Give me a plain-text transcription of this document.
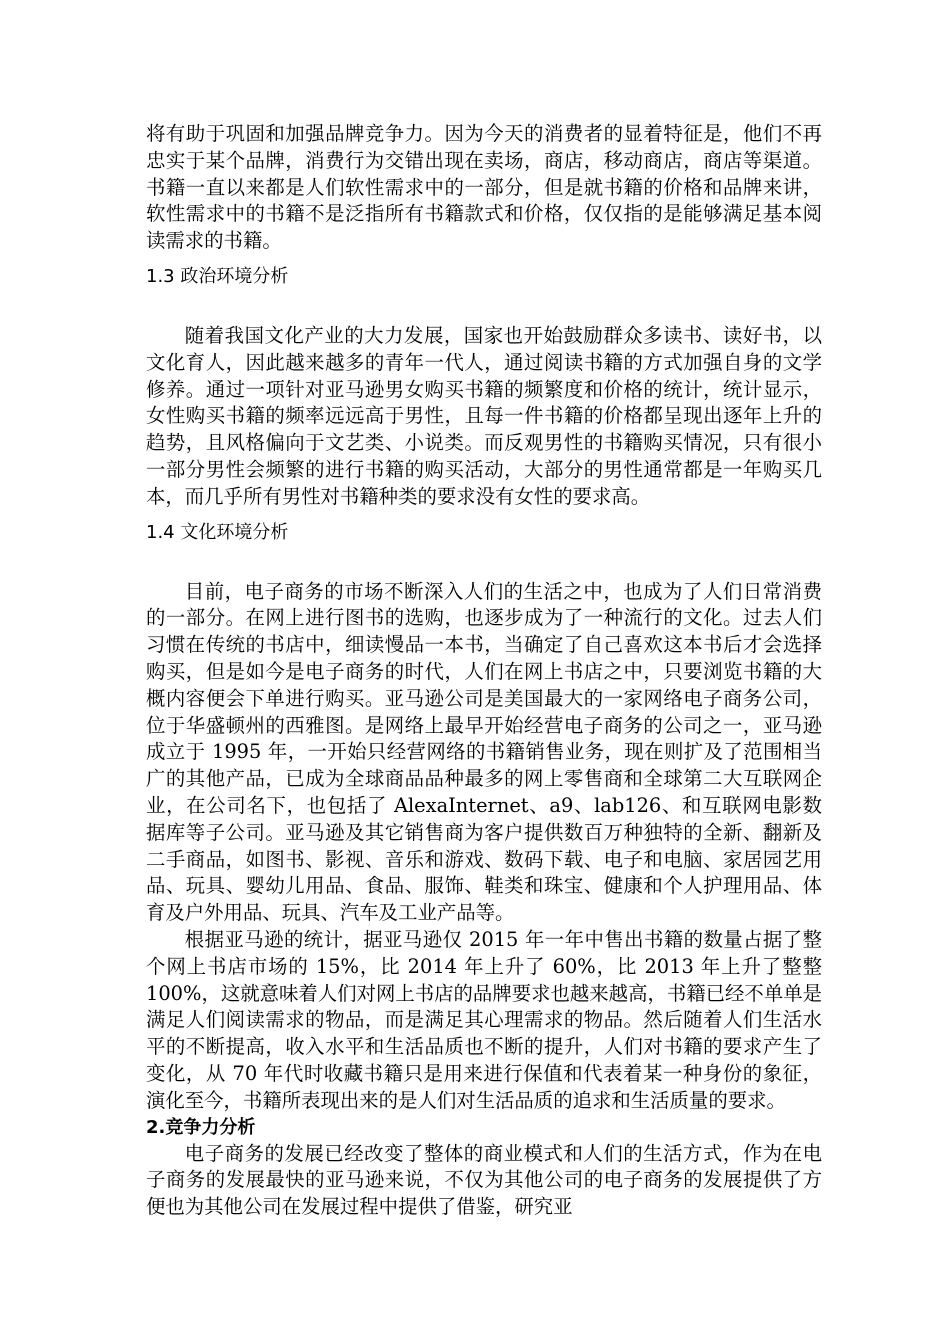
将有助于巩固和加强品牌竞争力。因为今天的消费者的显着特征是，他们不再忠实于某个品牌，消费行为交错出现在卖场，商店，移动商店，商店等渠道。书籍一直以来都是人们软性需求中的一部分，但是就书籍的价格和品牌来讲，软性需求中的书籍不是泛指所有书籍款式和价格，仅仅指的是能够满足基本阅读需求的书籍。

1.3 政治环境分析

随着我国文化产业的大力发展，国家也开始鼓励群众多读书、读好书，以文化育人，因此越来越多的青年一代人，通过阅读书籍的方式加强自身的文学修养。通过一项针对亚马逊男女购买书籍的频繁度和价格的统计，统计显示，女性购买书籍的频率远远高于男性，且每一件书籍的价格都呈现出逐年上升的趋势，且风格偏向于文艺类、小说类。而反观男性的书籍购买情况，只有很小一部分男性会频繁的进行书籍的购买活动，大部分的男性通常都是一年购买几本，而几乎所有男性对书籍种类的要求没有女性的要求高。

1.4 文化环境分析

目前，电子商务的市场不断深入人们的生活之中，也成为了人们日常消费的一部分。在网上进行图书的选购，也逐步成为了一种流行的文化。过去人们习惯在传统的书店中，细读慢品一本书，当确定了自己喜欢这本书后才会选择购买，但是如今是电子商务的时代，人们在网上书店之中，只要浏览书籍的大概内容便会下单进行购买。亚马逊公司是美国最大的一家网络电子商务公司，位于华盛顿州的西雅图。是网络上最早开始经营电子商务的公司之一，亚马逊成立于 1995 年，一开始只经营网络的书籍销售业务，现在则扩及了范围相当广的其他产品，已成为全球商品品种最多的网上零售商和全球第二大互联网企业，在公司名下，也包括了 AlexaInternet、a9、lab126、和互联网电影数据库等子公司。亚马逊及其它销售商为客户提供数百万种独特的全新、翻新及二手商品，如图书、影视、音乐和游戏、数码下载、电子和电脑、家居园艺用品、玩具、婴幼儿用品、食品、服饰、鞋类和珠宝、健康和个人护理用品、体育及户外用品、玩具、汽车及工业产品等。

根据亚马逊的统计，据亚马逊仅 2015 年一年中售出书籍的数量占据了整个网上书店市场的 15%，比 2014 年上升了 60%，比 2013 年上升了整整 100%，这就意味着人们对网上书店的品牌要求也越来越高，书籍已经不单单是满足人们阅读需求的物品，而是满足其心理需求的物品。然后随着人们生活水平的不断提高，收入水平和生活品质也不断的提升，人们对书籍的要求产生了变化，从 70 年代时收藏书籍只是用来进行保值和代表着某一种身份的象征，演化至今，书籍所表现出来的是人们对生活品质的追求和生活质量的要求。

2.竞争力分析

电子商务的发展已经改变了整体的商业模式和人们的生活方式，作为在电子商务的发展最快的亚马逊来说，不仅为其他公司的电子商务的发展提供了方便也为其他公司在发展过程中提供了借鉴，研究亚
